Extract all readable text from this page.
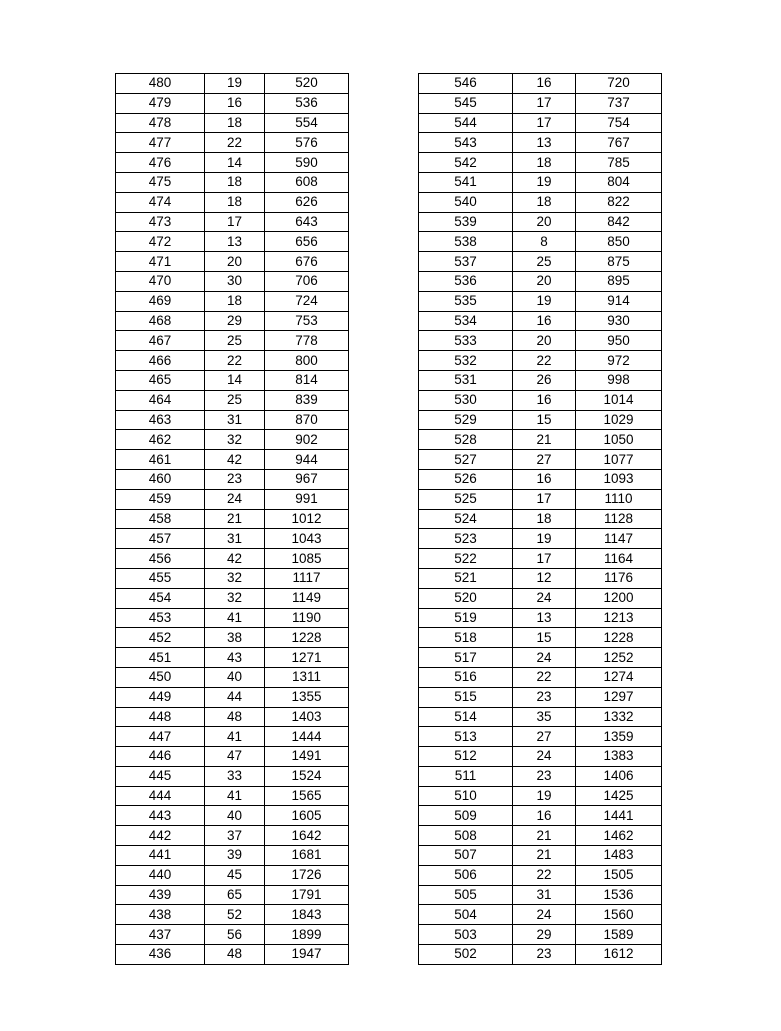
480	19	520
479	16	536
478	18	554
477	22	576
476	14	590
475	18	608
474	18	626
473	17	643
472	13	656
471	20	676
470	30	706
469	18	724
468	29	753
467	25	778
466	22	800
465	14	814
464	25	839
463	31	870
462	32	902
461	42	944
460	23	967
459	24	991
458	21	1012
457	31	1043
456	42	1085
455	32	1117
454	32	1149
453	41	1190
452	38	1228
451	43	1271
450	40	1311
449	44	1355
448	48	1403
447	41	1444
446	47	1491
445	33	1524
444	41	1565
443	40	1605
442	37	1642
441	39	1681
440	45	1726
439	65	1791
438	52	1843
437	56	1899
436	48	1947
546	16	720
545	17	737
544	17	754
543	13	767
542	18	785
541	19	804
540	18	822
539	20	842
538	8	850
537	25	875
536	20	895
535	19	914
534	16	930
533	20	950
532	22	972
531	26	998
530	16	1014
529	15	1029
528	21	1050
527	27	1077
526	16	1093
525	17	1110
524	18	1128
523	19	1147
522	17	1164
521	12	1176
520	24	1200
519	13	1213
518	15	1228
517	24	1252
516	22	1274
515	23	1297
514	35	1332
513	27	1359
512	24	1383
511	23	1406
510	19	1425
509	16	1441
508	21	1462
507	21	1483
506	22	1505
505	31	1536
504	24	1560
503	29	1589
502	23	1612
